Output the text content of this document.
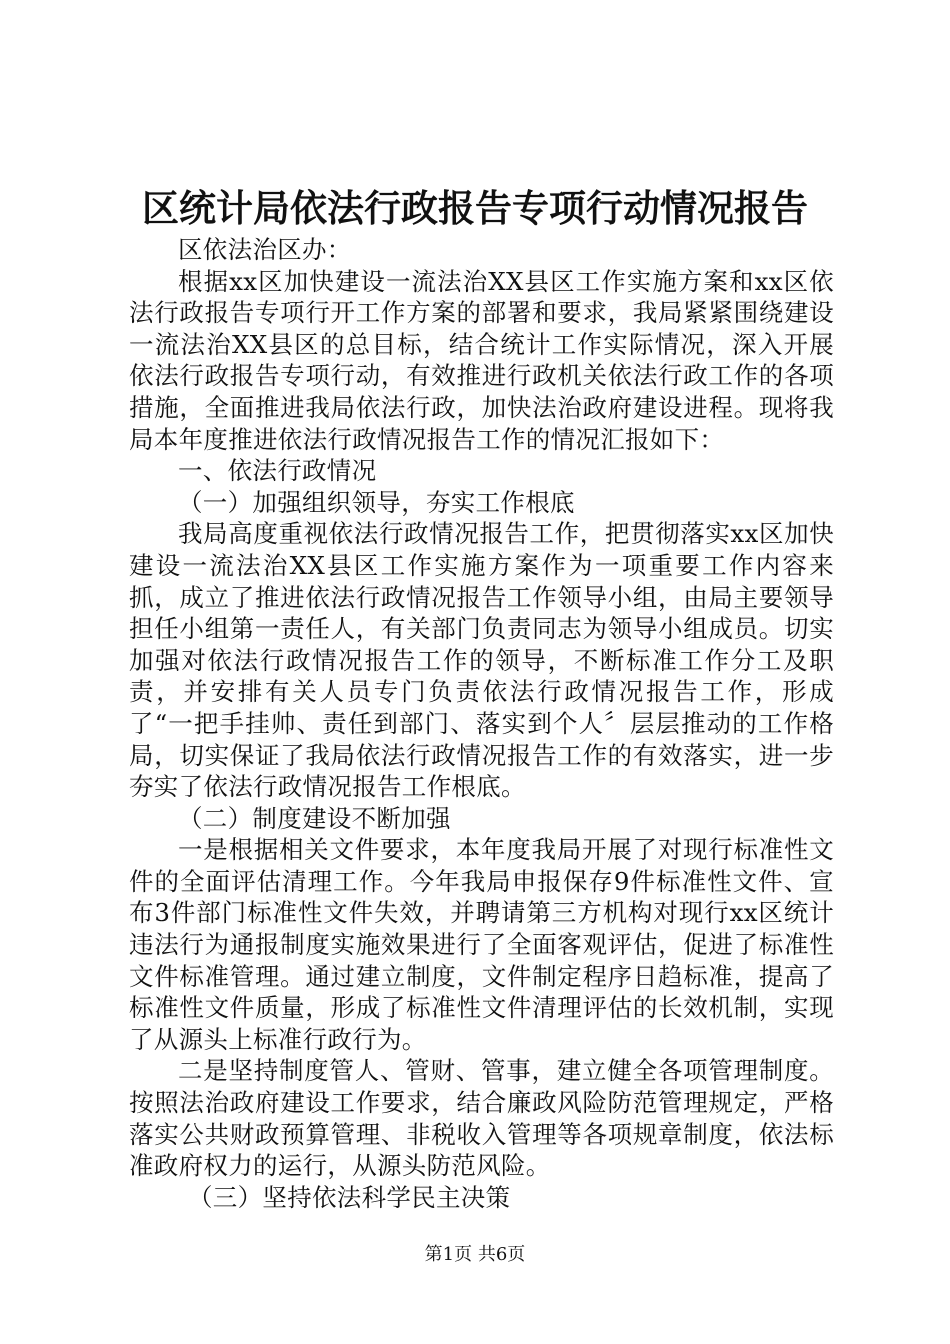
区统计局依法行政报告专项行动情况报告

区依法治区办：

根据xx区加快建设一流法治XX县区工作实施方案和xx区依法行政报告专项行开工作方案的部署和要求，我局紧紧围绕建设一流法治XX县区的总目标，结合统计工作实际情况，深入开展依法行政报告专项行动，有效推进行政机关依法行政工作的各项措施，全面推进我局依法行政，加快法治政府建设进程。现将我局本年度推进依法行政情况报告工作的情况汇报如下：

一、依法行政情况

（一）加强组织领导，夯实工作根底

我局高度重视依法行政情况报告工作，把贯彻落实xx区加快建设一流法治XX县区工作实施方案作为一项重要工作内容来抓，成立了推进依法行政情况报告工作领导小组，由局主要领导担任小组第一责任人，有关部门负责同志为领导小组成员。切实加强对依法行政情况报告工作的领导，不断标准工作分工及职责，并安排有关人员专门负责依法行政情况报告工作，形成了“一把手挂帅、责任到部门、落实到个人〞层层推动的工作格局，切实保证了我局依法行政情况报告工作的有效落实，进一步夯实了依法行政情况报告工作根底。

（二）制度建设不断加强

一是根据相关文件要求，本年度我局开展了对现行标准性文件的全面评估清理工作。今年我局申报保存9件标准性文件、宣布3件部门标准性文件失效，并聘请第三方机构对现行xx区统计违法行为通报制度实施效果进行了全面客观评估，促进了标准性文件标准管理。通过建立制度，文件制定程序日趋标准，提高了标准性文件质量，形成了标准性文件清理评估的长效机制，实现了从源头上标准行政行为。

二是坚持制度管人、管财、管事，建立健全各项管理制度。按照法治政府建设工作要求，结合廉政风险防范管理规定，严格落实公共财政预算管理、非税收入管理等各项规章制度，依法标准政府权力的运行，从源头防范风险。

（三）坚持依法科学民主决策

第1页 共6页
